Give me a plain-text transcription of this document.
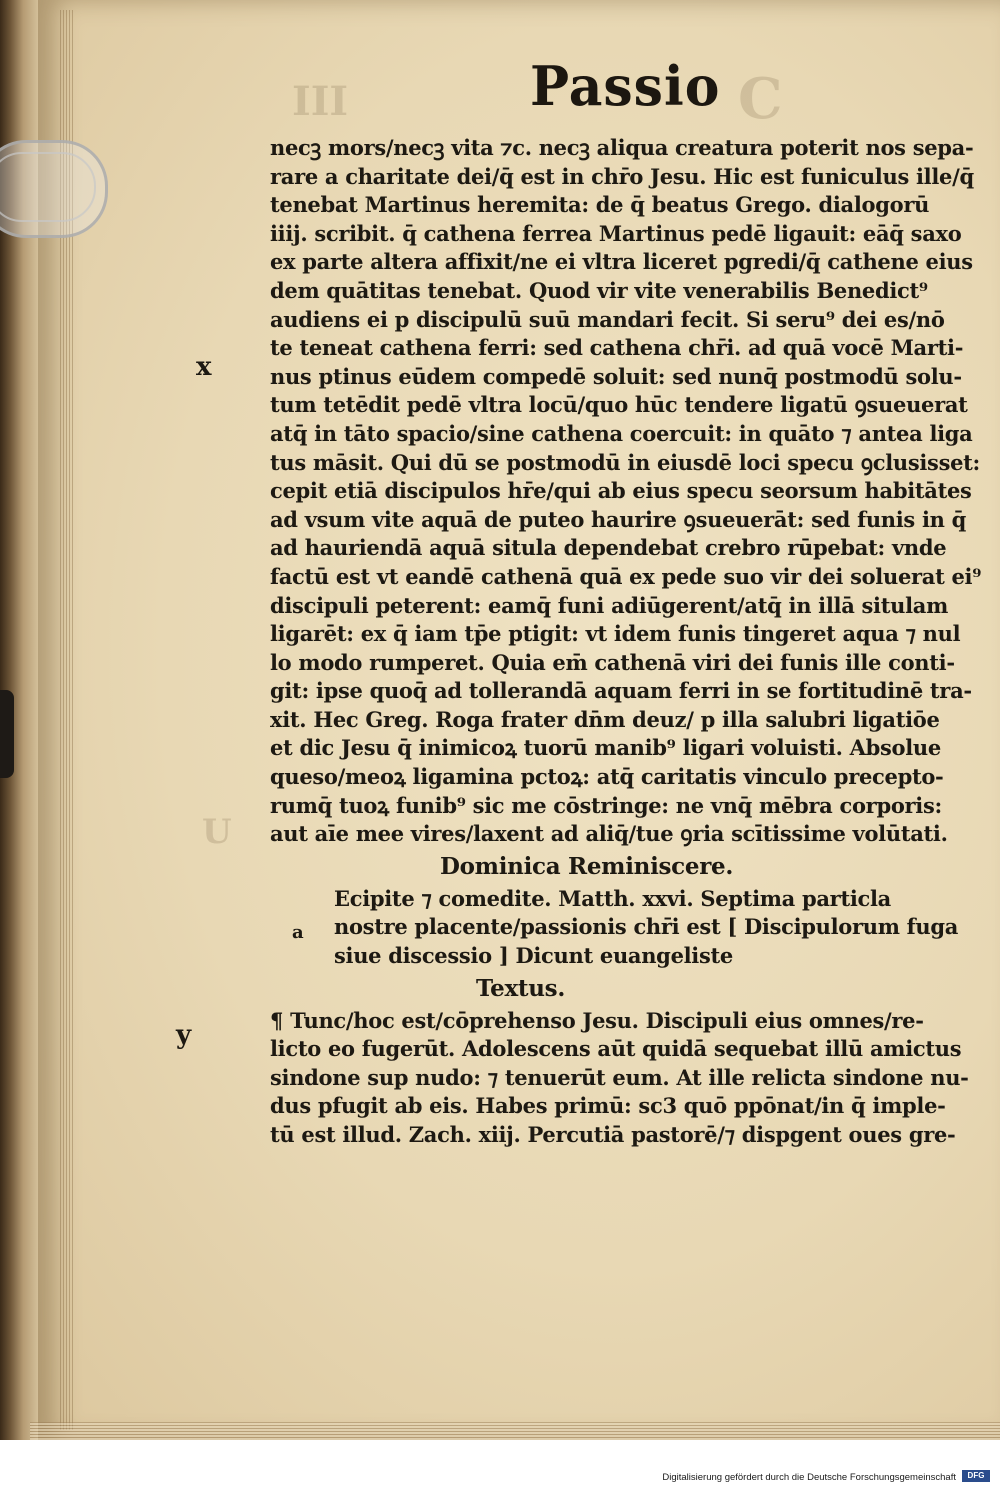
III	C
U
Passio
x
a
y
necꝫ mors/necꝫ vita ⁊c. necꝫ aliqua creatura poterit nos sepa-
rare a charitate dei/q̄ est in chr̄o Jesu. Hic est funiculus ille/q̄
tenebat Martinus heremita: de q̄ beatus Grego. dialogorū
iiij. scribit. q̄ cathena ferrea Martinus pedē ligauit: eāq̄ saxo
ex parte altera affixit/ne ei vltra liceret pgredi/q̄ cathene eius
dem quātitas tenebat. Quod vir vite venerabilis Benedict⁹
audiens ei p discipulū suū mandari fecit. Si seru⁹ dei es/nō
te teneat cathena ferri: sed cathena chr̄i. ad quā vocē Marti-
nus ptinus eūdem compedē soluit: sed nunq̄ postmodū solu-
tum tetēdit pedē vltra locū/quo hūc tendere ligatū ꝯsueuerat
atq̄ in tāto spacio/sine cathena coercuit: in quāto ⁊ antea liga
tus māsit. Qui dū se postmodū in eiusdē loci specu ꝯclusisset:
cepit etiā discipulos hr̄e/qui ab eius specu seorsum habitātes
ad vsum vite aquā de puteo haurire ꝯsueuerāt: sed funis in q̄
ad hauriendā aquā situla dependebat crebro rūpebat: vnde
factū est vt eandē cathenā quā ex pede suo vir dei soluerat ei⁹
discipuli peterent: eamq̄ funi adiūgerent/atq̄ in illā situlam
ligarēt: ex q̄ iam tp̄e ptigit: vt idem funis tingeret aqua ⁊ nul
lo modo rumperet. Quia em̄ cathenā viri dei funis ille conti-
git: ipse quoq̄ ad tollerandā aquam ferri in se fortitudinē tra-
xit. Hec Greg. Roga frater dn̄m deuz/ p illa salubri ligatiōe
et dic Jesu q̄ inimicoꝝ tuorū manib⁹ ligari voluisti. Absolue
queso/meoꝝ ligamina pctoꝝ: atq̄ caritatis vinculo precepto-
rumq̄ tuoꝝ funib⁹ sic me cōstringe: ne vnq̄ mēbra corporis:
aut aīe mee vires/laxent ad aliq̄/tue ꝯria scītissime volūtati.
Dominica Reminiscere.
Ecipite ⁊ comedite. Matth. xxvi. Septima particla
nostre placente/passionis chr̄i est [ Discipulorum fuga
siue discessio ] Dicunt euangeliste
Textus.
¶ Tunc/hoc est/cōprehenso Jesu. Discipuli eius omnes/re-
licto eo fugerūt. Adolescens aūt quidā sequebat illū amictus
sindone sup nudo: ⁊ tenuerūt eum. At ille relicta sindone nu-
dus pfugit ab eis. Habes primū: sc3 quō ppōnat/in q̄ imple-
tū est illud. Zach. xiij. Percutiā pastorē/⁊ dispgent oues gre-
Digitalisierung gefördert durch die Deutsche Forschungsgemeinschaft	DFG
